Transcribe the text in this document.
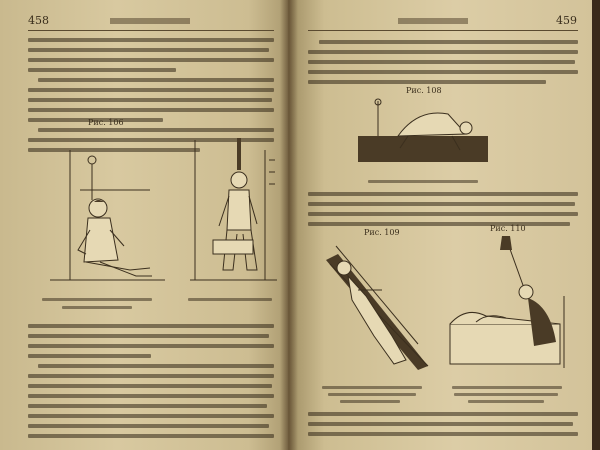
458
Рис. 106
459
Рис. 108
Рис. 109	Рис. 110
